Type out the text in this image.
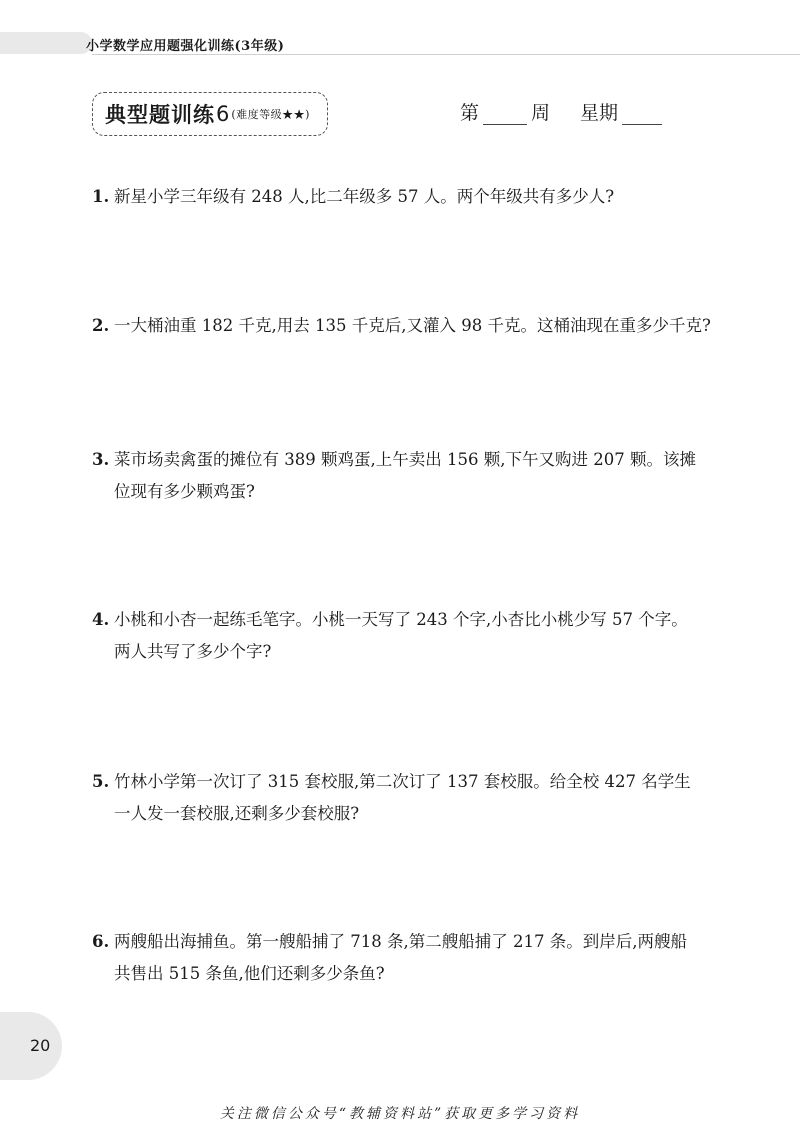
小学数学应用题强化训练(3年级)
典型题训练 6 (难度等级★★)	第	周 星期
1. 新星小学三年级有 248 人,比二年级多 57 人。两个年级共有多少人?
2. 一大桶油重 182 千克,用去 135 千克后,又灌入 98 千克。这桶油现在重多少千克?
3. 菜市场卖禽蛋的摊位有 389 颗鸡蛋,上午卖出 156 颗,下午又购进 207 颗。该摊
位现有多少颗鸡蛋?
4. 小桃和小杏一起练毛笔字。小桃一天写了 243 个字,小杏比小桃少写 57 个字。
两人共写了多少个字?
5. 竹林小学第一次订了 315 套校服,第二次订了 137 套校服。给全校 427 名学生
一人发一套校服,还剩多少套校服?
6. 两艘船出海捕鱼。第一艘船捕了 718 条,第二艘船捕了 217 条。到岸后,两艘船
共售出 515 条鱼,他们还剩多少条鱼?
20
关注微信公众号“教辅资料站”获取更多学习资料
